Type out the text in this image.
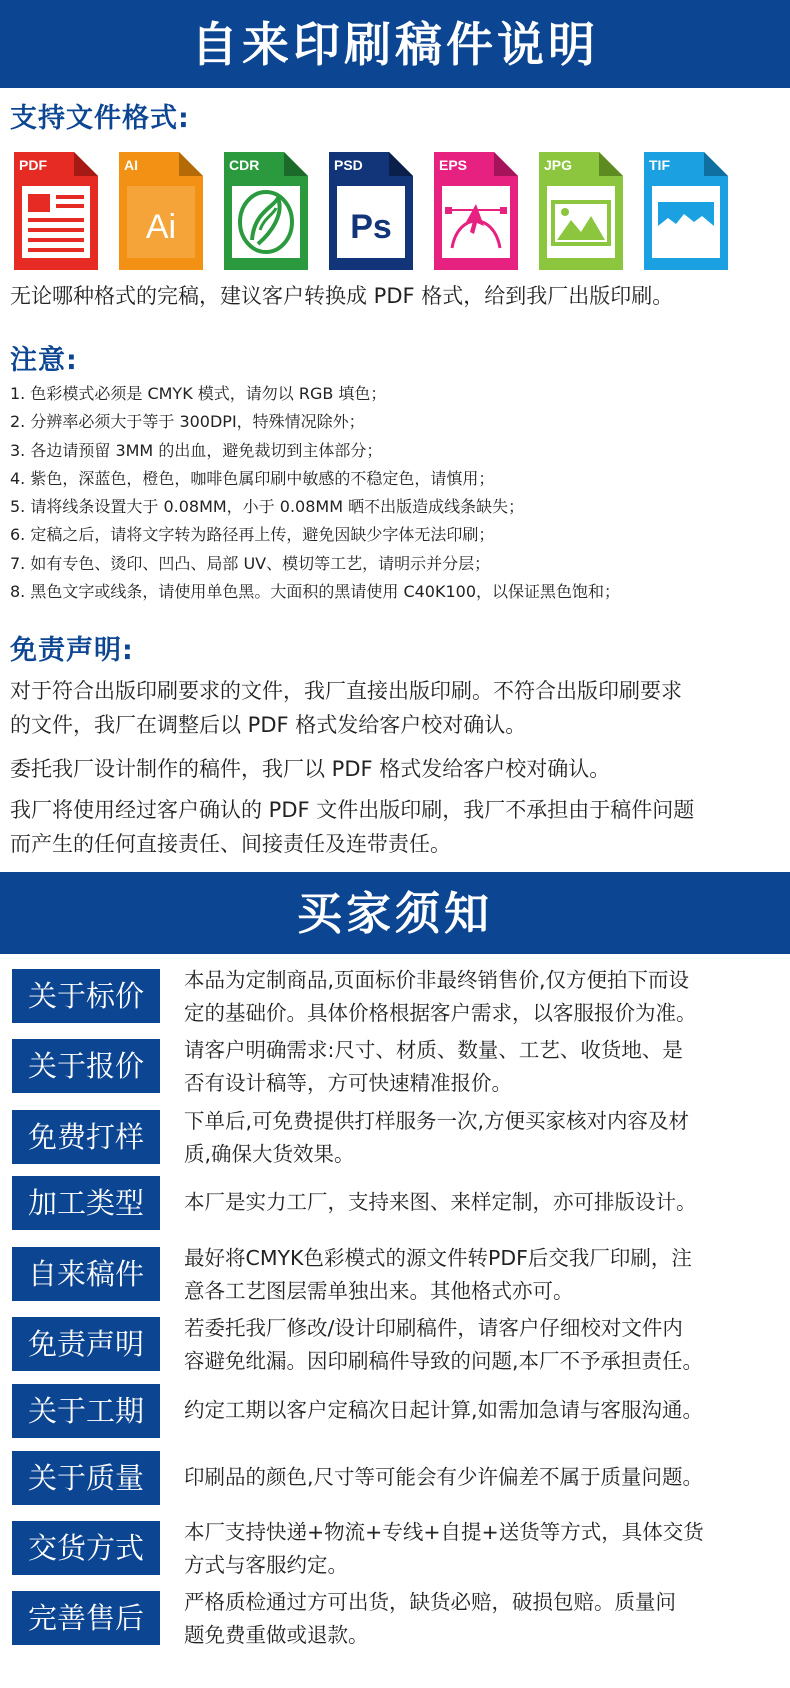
自来印刷稿件说明
支持文件格式:
PDF	AI
Ai
CDR	PSD
Ps
EPS	JPG	TIF
无论哪种格式的完稿，建议客户转换成 PDF 格式，给到我厂出版印刷。
注意:
1. 色彩模式必须是 CMYK 模式，请勿以 RGB 填色；
2. 分辨率必须大于等于 300DPI，特殊情况除外；
3. 各边请预留 3MM 的出血，避免裁切到主体部分；
4. 紫色，深蓝色，橙色，咖啡色属印刷中敏感的不稳定色，请慎用；
5. 请将线条设置大于 0.08MM，小于 0.08MM 晒不出版造成线条缺失；
6. 定稿之后，请将文字转为路径再上传，避免因缺少字体无法印刷；
7. 如有专色、烫印、凹凸、局部 UV、模切等工艺，请明示并分层；
8. 黑色文字或线条，请使用单色黑。大面积的黑请使用 C40K100，以保证黑色饱和；
免责声明:
对于符合出版印刷要求的文件，我厂直接出版印刷。不符合出版印刷要求
的文件，我厂在调整后以 PDF 格式发给客户校对确认。
委托我厂设计制作的稿件，我厂以 PDF 格式发给客户校对确认。
我厂将使用经过客户确认的 PDF 文件出版印刷，我厂不承担由于稿件问题
而产生的任何直接责任、间接责任及连带责任。
买家须知
关于标价	本品为定制商品,页面标价非最终销售价,仅方便拍下而设
定的基础价。具体价格根据客户需求，以客服报价为准。
关于报价	请客户明确需求:尺寸、材质、数量、工艺、收货地、是
否有设计稿等，方可快速精准报价。
免费打样	下单后,可免费提供打样服务一次,方便买家核对内容及材
质,确保大货效果。
加工类型	本厂是实力工厂，支持来图、来样定制，亦可排版设计。
自来稿件	最好将CMYK色彩模式的源文件转PDF后交我厂印刷，注
意各工艺图层需单独出来。其他格式亦可。
免责声明	若委托我厂修改/设计印刷稿件，请客户仔细校对文件内
容避免纰漏。因印刷稿件导致的问题,本厂不予承担责任。
关于工期	约定工期以客户定稿次日起计算,如需加急请与客服沟通。
关于质量	印刷品的颜色,尺寸等可能会有少许偏差不属于质量问题。
交货方式	本厂支持快递+物流+专线+自提+送货等方式，具体交货
方式与客服约定。
完善售后	严格质检通过方可出货，缺货必赔，破损包赔。质量问
题免费重做或退款。
